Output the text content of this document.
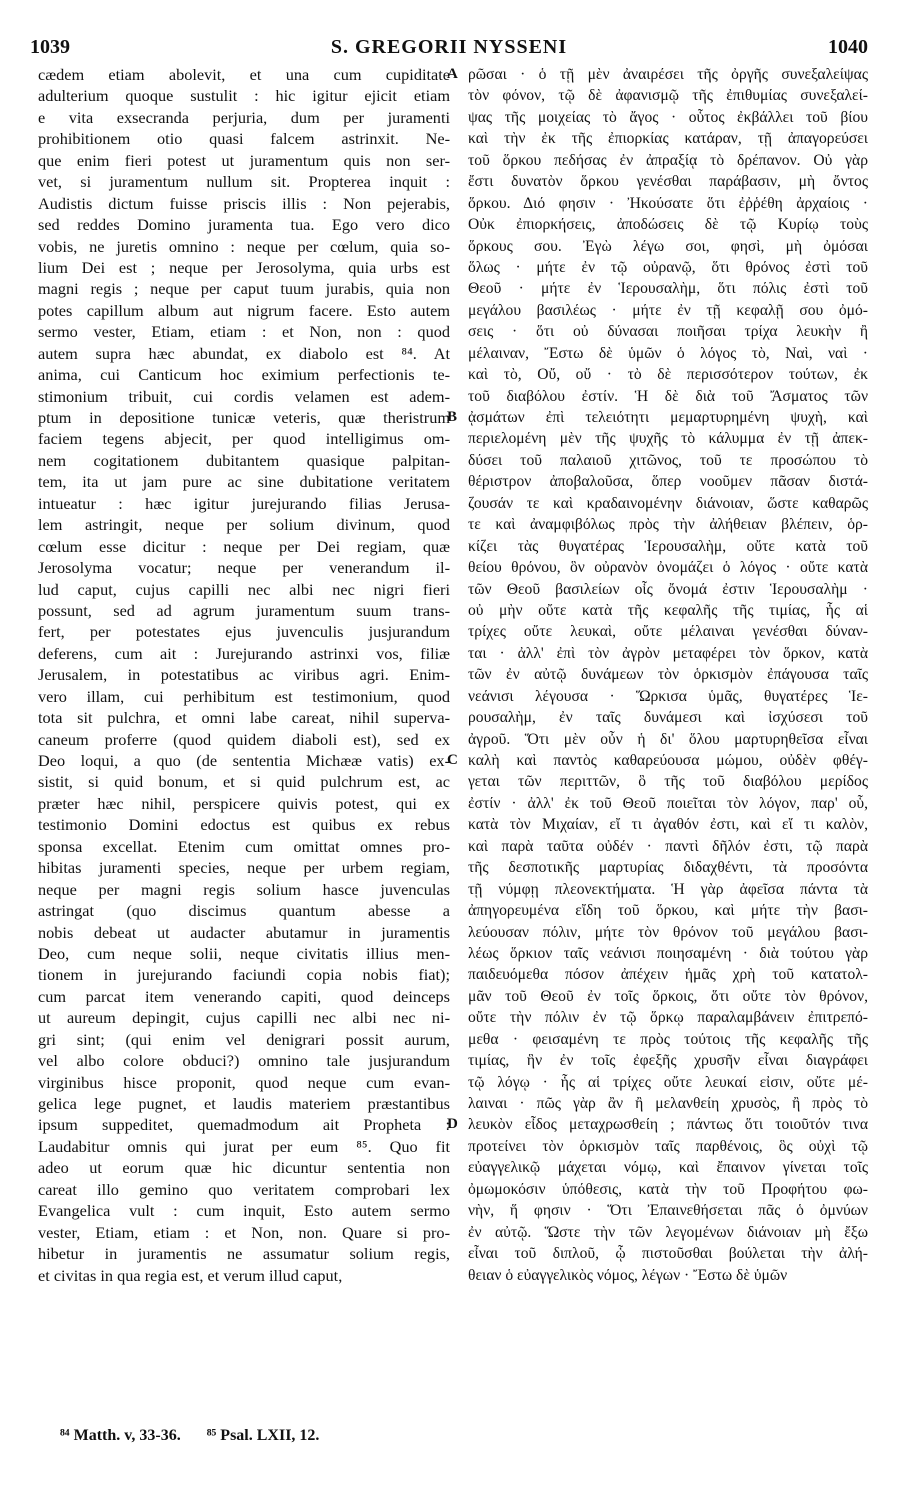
1039	S. GREGORII NYSSENI	1040
cædem etiam abolevit, et una cum cupiditate
adulterium quoque sustulit : hic igitur ejicit etiam
e vita exsecranda perjuria, dum per juramenti
prohibitionem otio quasi falcem astrinxit. Ne-
que enim fieri potest ut juramentum quis non ser-
vet, si juramentum nullum sit. Propterea inquit :
Audistis dictum fuisse priscis illis : Non pejerabis,
sed reddes Domino juramenta tua. Ego vero dico
vobis, ne juretis omnino : neque per cœlum, quia so-
lium Dei est ; neque per Jerosolyma, quia urbs est
magni regis ; neque per caput tuum jurabis, quia non
potes capillum album aut nigrum facere. Esto autem
sermo vester, Etiam, etiam : et Non, non : quod
autem supra hæc abundat, ex diabolo est ⁸⁴. At
anima, cui Canticum hoc eximium perfectionis te-
stimonium tribuit, cui cordis velamen est adem-
ptum in depositione tunicæ veteris, quæ theristrum
faciem tegens abjecit, per quod intelligimus om-
nem cogitationem dubitantem quasique palpitan-
tem, ita ut jam pure ac sine dubitatione veritatem
intueatur : hæc igitur jurejurando filias Jerusa-
lem astringit, neque per solium divinum, quod
cœlum esse dicitur : neque per Dei regiam, quæ
Jerosolyma vocatur; neque per venerandum il-
lud caput, cujus capilli nec albi nec nigri fieri
possunt, sed ad agrum juramentum suum trans-
fert, per potestates ejus juvenculis jusjurandum
deferens, cum ait : Jurejurando astrinxi vos, filiæ
Jerusalem, in potestatibus ac viribus agri. Enim-
vero illam, cui perhibitum est testimonium, quod
tota sit pulchra, et omni labe careat, nihil superva-
caneum proferre (quod quidem diaboli est), sed ex
Deo loqui, a quo (de sententia Michææ vatis) ex-
sistit, si quid bonum, et si quid pulchrum est, ac
præter hæc nihil, perspicere quivis potest, qui ex
testimonio Domini edoctus est quibus ex rebus
sponsa excellat. Etenim cum omittat omnes pro-
hibitas juramenti species, neque per urbem regiam,
neque per magni regis solium hasce juvenculas
astringat (quo discimus quantum abesse a
nobis debeat ut audacter abutamur in juramentis
Deo, cum neque solii, neque civitatis illius men-
tionem in jurejurando faciundi copia nobis fiat);
cum parcat item venerando capiti, quod deinceps
ut aureum depingit, cujus capilli nec albi nec ni-
gri sint; (qui enim vel denigrari possit aurum,
vel albo colore obduci?) omnino tale jusjurandum
virginibus hisce proponit, quod neque cum evan-
gelica lege pugnet, et laudis materiem præstantibus
ipsum suppeditet, quemadmodum ait Propheta :
Laudabitur omnis qui jurat per eum ⁸⁵. Quo fit
adeo ut eorum quæ hic dicuntur sententia non
careat illo gemino quo veritatem comprobari lex
Evangelica vult : cum inquit, Esto autem sermo
vester, Etiam, etiam : et Non, non. Quare si pro-
hibetur in juramentis ne assumatur solium regis,
et civitas in qua regia est, et verum illud caput,
ρῶσαι · ὁ τῇ μὲν ἀναιρέσει τῆς ὀργῆς συνεξαλείψας
τὸν φόνον, τῷ δὲ ἀφανισμῷ τῆς ἐπιθυμίας συνεξαλεί-
ψας τῆς μοιχείας τὸ ἄγος · οὗτος ἐκβάλλει τοῦ βίου
καὶ τὴν ἐκ τῆς ἐπιορκίας κατάραν, τῇ ἀπαγορεύσει
τοῦ ὅρκου πεδήσας ἐν ἀπραξίᾳ τὸ δρέπανον. Οὐ γὰρ
ἔστι δυνατὸν ὅρκου γενέσθαι παράβασιν, μὴ ὄντος
ὅρκου. Διό φησιν · Ἠκούσατε ὅτι ἐῤῥέθη ἀρχαίοις ·
Οὐκ ἐπιορκήσεις, ἀποδώσεις δὲ τῷ Κυρίῳ τοὺς
ὅρκους σου. Ἐγὼ λέγω σοι, φησὶ, μὴ ὀμόσαι
ὅλως · μήτε ἐν τῷ οὐρανῷ, ὅτι θρόνος ἐστὶ τοῦ
Θεοῦ · μήτε ἐν Ἱερουσαλὴμ, ὅτι πόλις ἐστὶ τοῦ
μεγάλου βασιλέως · μήτε ἐν τῇ κεφαλῇ σου ὀμό-
σεις · ὅτι οὐ δύνασαι ποιῆσαι τρίχα λευκὴν ἢ
μέλαιναν, Ἔστω δὲ ὑμῶν ὁ λόγος τὸ, Ναὶ, ναὶ ·
καὶ τὸ, Οὔ, οὔ · τὸ δὲ περισσότερον τούτων, ἐκ
τοῦ διαβόλου ἐστίν. Ἡ δὲ διὰ τοῦ Ἄσματος τῶν
ᾀσμάτων ἐπὶ τελειότητι μεμαρτυρημένη ψυχὴ, καὶ
περιελομένη μὲν τῆς ψυχῆς τὸ κάλυμμα ἐν τῇ ἀπεκ-
δύσει τοῦ παλαιοῦ χιτῶνος, τοῦ τε προσώπου τὸ
θέριστρον ἀποβαλοῦσα, ὅπερ νοοῦμεν πᾶσαν διστά-
ζουσάν τε καὶ κραδαινομένην διάνοιαν, ὥστε καθαρῶς
τε καὶ ἀναμφιβόλως πρὸς τὴν ἀλήθειαν βλέπειν, ὁρ-
κίζει τὰς θυγατέρας Ἱερουσαλὴμ, οὔτε κατὰ τοῦ
θείου θρόνου, ὃν οὐρανὸν ὀνομάζει ὁ λόγος · οὔτε κατὰ
τῶν Θεοῦ βασιλείων οἷς ὄνομά ἐστιν Ἱερουσαλὴμ ·
οὐ μὴν οὔτε κατὰ τῆς κεφαλῆς τῆς τιμίας, ἧς αἱ
τρίχες οὔτε λευκαὶ, οὔτε μέλαιναι γενέσθαι δύναν-
ται · ἀλλ' ἐπὶ τὸν ἀγρὸν μεταφέρει τὸν ὅρκον, κατὰ
τῶν ἐν αὐτῷ δυνάμεων τὸν ὁρκισμὸν ἐπάγουσα ταῖς
νεάνισι λέγουσα · Ὥρκισα ὑμᾶς, θυγατέρες Ἱε-
ρουσαλὴμ, ἐν ταῖς δυνάμεσι καὶ ἰσχύσεσι τοῦ
ἀγροῦ. Ὅτι μὲν οὖν ἡ δι' ὅλου μαρτυρηθεῖσα εἶναι
καλὴ καὶ παντὸς καθαρεύουσα μώμου, οὐδὲν φθέγ-
γεται τῶν περιττῶν, ὃ τῆς τοῦ διαβόλου μερίδος
ἐστίν · ἀλλ' ἐκ τοῦ Θεοῦ ποιεῖται τὸν λόγον, παρ' οὗ,
κατὰ τὸν Μιχαίαν, εἴ τι ἀγαθόν ἐστι, καὶ εἴ τι καλὸν,
καὶ παρὰ ταῦτα οὐδέν · παντὶ δῆλόν ἐστι, τῷ παρὰ
τῆς δεσποτικῆς μαρτυρίας διδαχθέντι, τὰ προσόντα
τῇ νύμφῃ πλεονεκτήματα. Ἡ γὰρ ἀφεῖσα πάντα τὰ
ἀπηγορευμένα εἴδη τοῦ ὅρκου, καὶ μήτε τὴν βασι-
λεύουσαν πόλιν, μήτε τὸν θρόνον τοῦ μεγάλου βασι-
λέως ὅρκιον ταῖς νεάνισι ποιησαμένη · διὰ τούτου γὰρ
παιδευόμεθα πόσον ἀπέχειν ἡμᾶς χρὴ τοῦ κατατολ-
μᾶν τοῦ Θεοῦ ἐν τοῖς ὅρκοις, ὅτι οὔτε τὸν θρόνον,
οὔτε τὴν πόλιν ἐν τῷ ὅρκῳ παραλαμβάνειν ἐπιτρεπό-
μεθα · φεισαμένη τε πρὸς τούτοις τῆς κεφαλῆς τῆς
τιμίας, ἣν ἐν τοῖς ἐφεξῆς χρυσῆν εἶναι διαγράφει
τῷ λόγῳ · ἧς αἱ τρίχες οὔτε λευκαί εἰσιν, οὔτε μέ-
λαιναι · πῶς γὰρ ἂν ἢ μελανθείη χρυσὸς, ἢ πρὸς τὸ
λευκὸν εἶδος μεταχρωσθείη ; πάντως ὅτι τοιοῦτόν τινα
προτείνει τὸν ὁρκισμὸν ταῖς παρθένοις, ὃς οὐχὶ τῷ
εὐαγγελικῷ μάχεται νόμῳ, καὶ ἔπαινον γίνεται τοῖς
ὀμωμοκόσιν ὑπόθεσις, κατὰ τὴν τοῦ Προφήτου φω-
νὴν, ἥ φησιν · Ὅτι Ἐπαινεθήσεται πᾶς ὁ ὀμνύων
ἐν αὐτῷ. Ὥστε τὴν τῶν λεγομένων διάνοιαν μὴ ἔξω
εἶναι τοῦ διπλοῦ, ᾧ πιστοῦσθαι βούλεται τὴν ἀλή-
θειαν ὁ εὐαγγελικὸς νόμος, λέγων · Ἔστω δὲ ὑμῶν
A
B
C
D
⁸⁴ Matth. v, 33-36. ⁸⁵ Psal. LXII, 12.
